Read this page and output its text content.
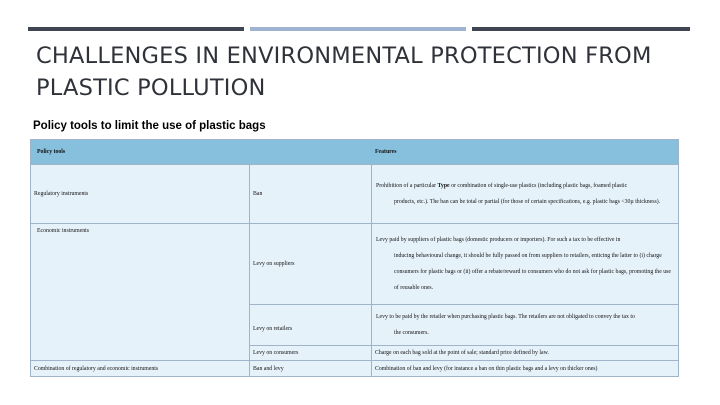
CHALLENGES IN ENVIRONMENTAL PROTECTION FROM
PLASTIC POLLUTION

Policy tools to limit the use of plastic bags

Policy tools		Features
Regulatory instruments	Ban	Prohibition of a particular Type or combination of single-use plastics (including plastic bags, foamed plastic

products, etc.). The ban can be total or partial (for those of certain specifications, e.g. plastic bags <30µ thickness).

Economic instruments	Levy on suppliers	Levy paid by suppliers of plastic bags (domestic producers or importers). For such a tax to be effective in
inducing behavioural change, it should be fully passed on from suppliers to retailers, enticing the latter to (i) charge consumers for plastic bags or (ii) offer a rebate/reward to consumers who do not ask for plastic bags, promoting the use of reusable ones.

	Levy on retailers	Levy to be paid by the retailer when purchasing plastic bags. The retailers are not obligated to convey the tax to
the consumers.

	Levy on consumers	Charge on each bag sold at the point of sale; standard price defined by law.
Combination of regulatory and economic instruments	Ban and levy	Combination of ban and levy (for instance a ban on thin plastic bags and a levy on thicker ones)
